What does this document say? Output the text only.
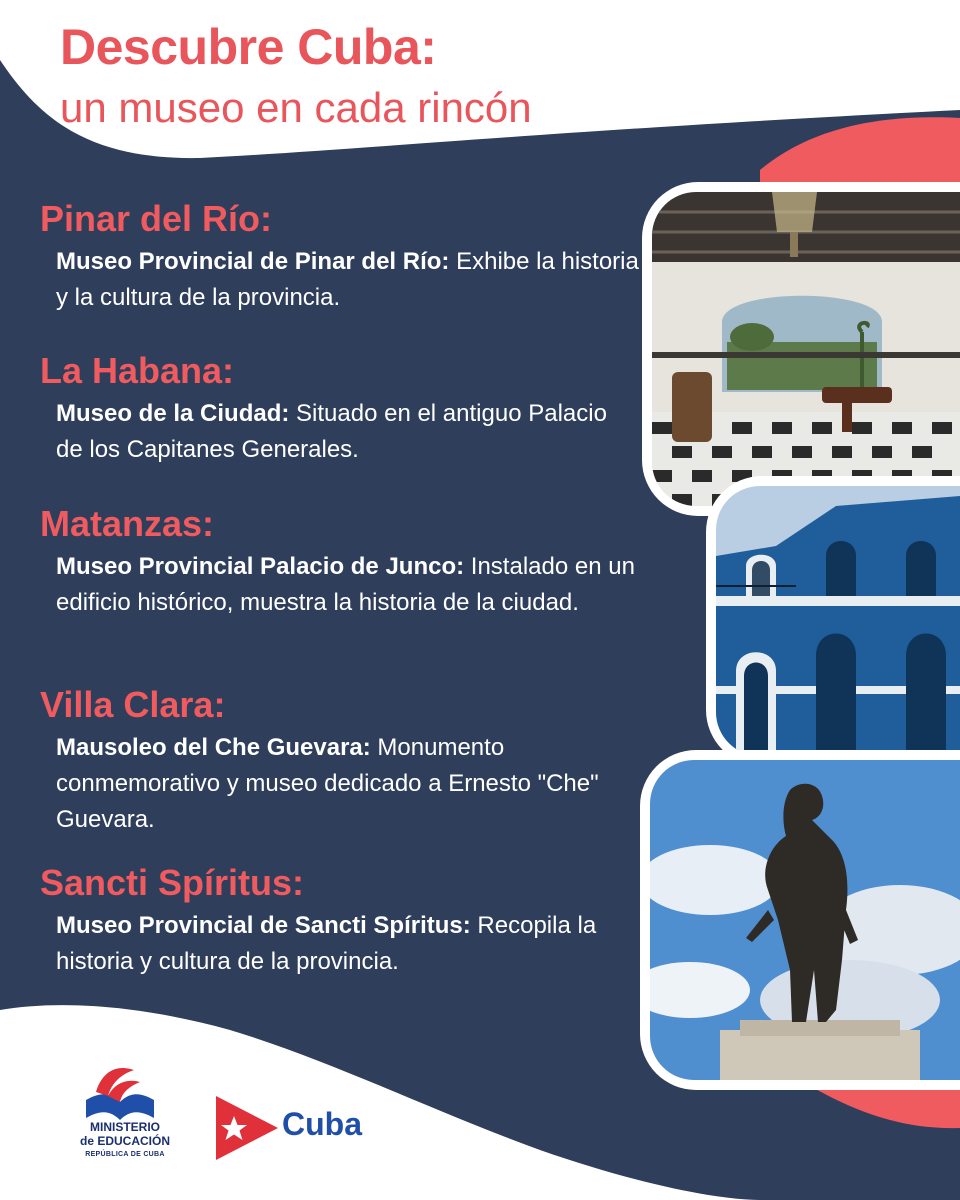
Descubre Cuba:
un museo en cada rincón
Pinar del Río:

Museo Provincial de Pinar del Río: Exhibe la historia y la cultura de la provincia.

La Habana:

Museo de la Ciudad: Situado en el antiguo Palacio de los Capitanes Generales.

Matanzas:

Museo Provincial Palacio de Junco: Instalado en un edificio histórico, muestra la historia de la ciudad.

Villa Clara:

Mausoleo del Che Guevara: Monumento conmemorativo y museo dedicado a Ernesto "Che" Guevara.

Sancti Spíritus:

Museo Provincial de Sancti Spíritus: Recopila la historia y cultura de la provincia.

MINISTERIO
de EDUCACIÓN
REPÚBLICA DE CUBA
Cuba
